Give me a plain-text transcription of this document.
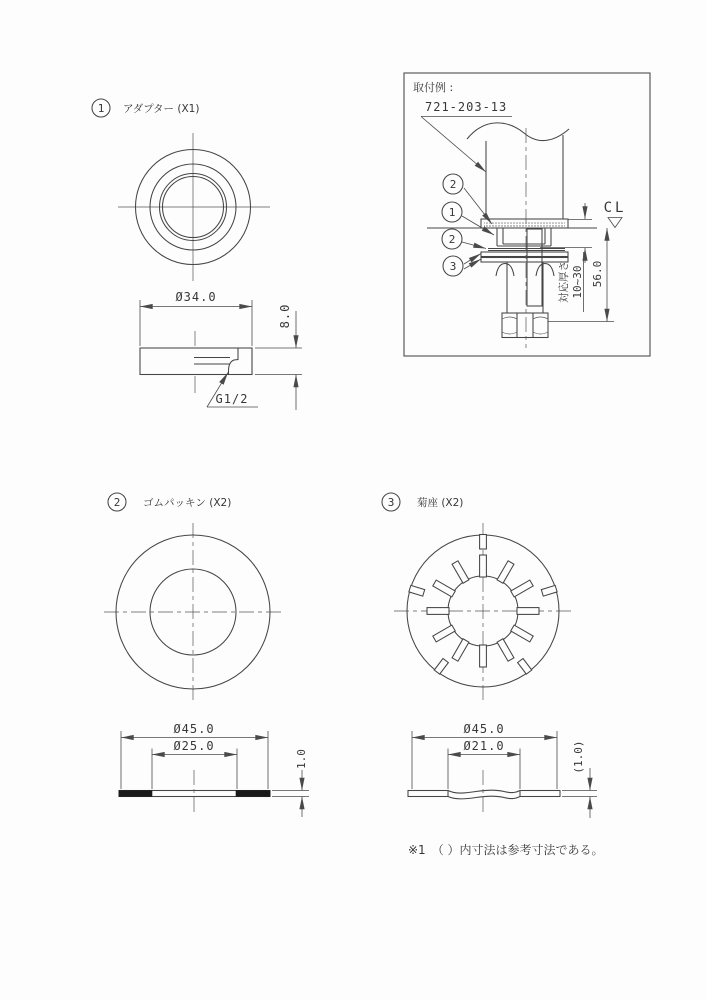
1 アダプター (X1)
Ø34.0
8.0
G1/2
取付例 :
721-203-13
2
1
2
3
CL
対応厚さ 10~30 56.0
2 ゴムパッキン (X2)
Ø45.0
Ø25.0
1.0
3 菊座 (X2)
Ø45.0
Ø21.0	(1.0)
※1　（ ）内寸法は参考寸法である。
